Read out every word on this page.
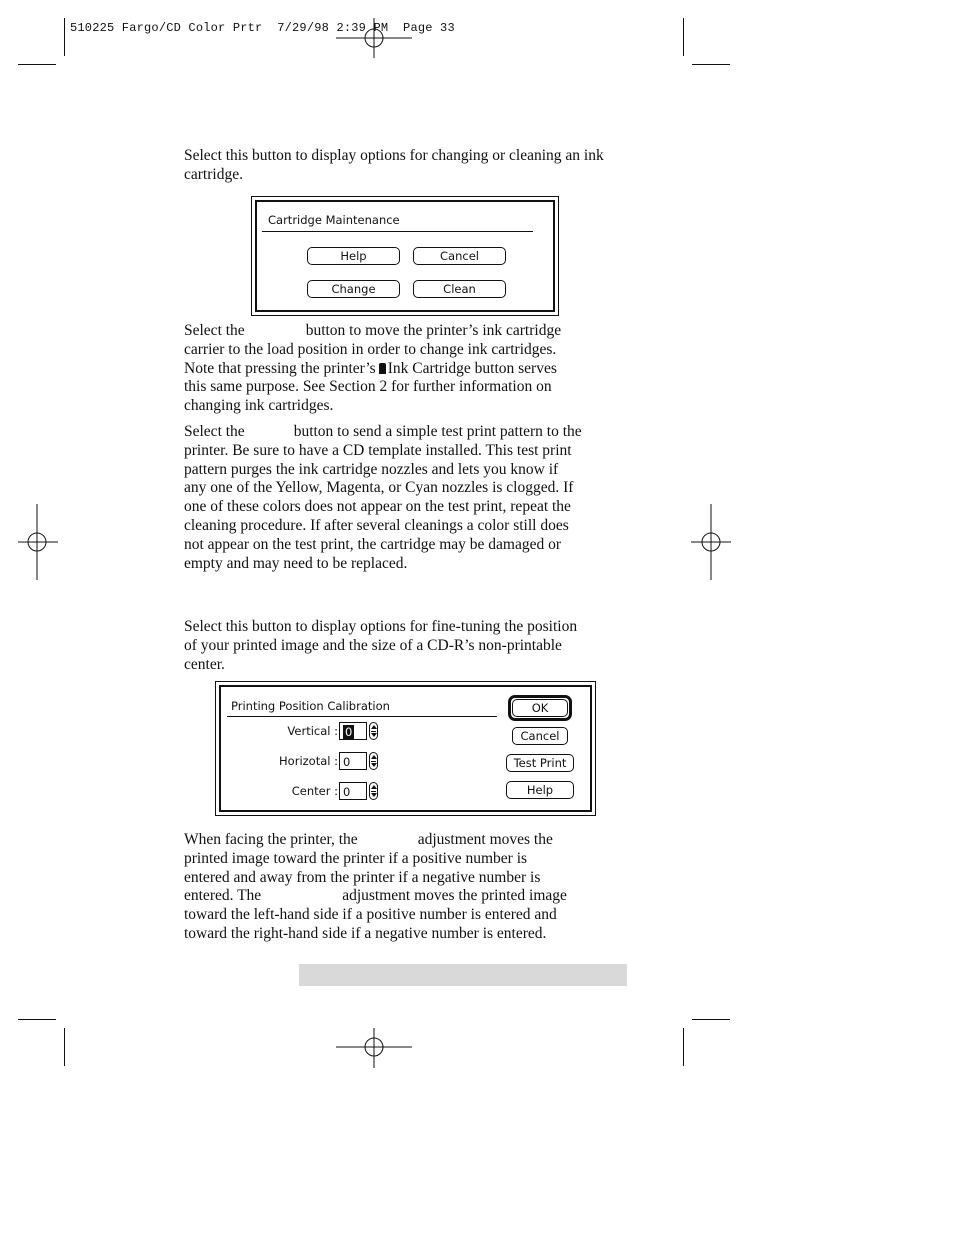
510225 Fargo/CD Color Prtr  7/29/98 2:39 PM  Page 33

Select this button to display options for changing or cleaning an ink cartridge.

Cartridge Maintenance
Help	Cancel
Change	Clean

Select the	button to move the printer’s ink cartridge
carrier to the load position in order to change ink cartridges.
Note that pressing the printer’s Ink Cartridge button serves
this same purpose. See Section 2 for further information on
changing ink cartridges.

Select the	button to send a simple test print pattern to the
printer. Be sure to have a CD template installed. This test print
pattern purges the ink cartridge nozzles and lets you know if
any one of the Yellow, Magenta, or Cyan nozzles is clogged. If
one of these colors does not appear on the test print, repeat the
cleaning procedure. If after several cleanings a color still does
not appear on the test print, the cartridge may be damaged or
empty and may need to be replaced.

Select this button to display options for fine-tuning the position
of your printed image and the size of a CD-R’s non-printable
center.

Printing Position Calibration
Vertical : 0
Horizotal : 0
Center : 0
OK
Cancel
Test Print
Help

When facing the printer, the	adjustment moves the
printed image toward the printer if a positive number is
entered and away from the printer if a negative number is
entered. The	adjustment moves the printed image
toward the left-hand side if a positive number is entered and
toward the right-hand side if a negative number is entered.
